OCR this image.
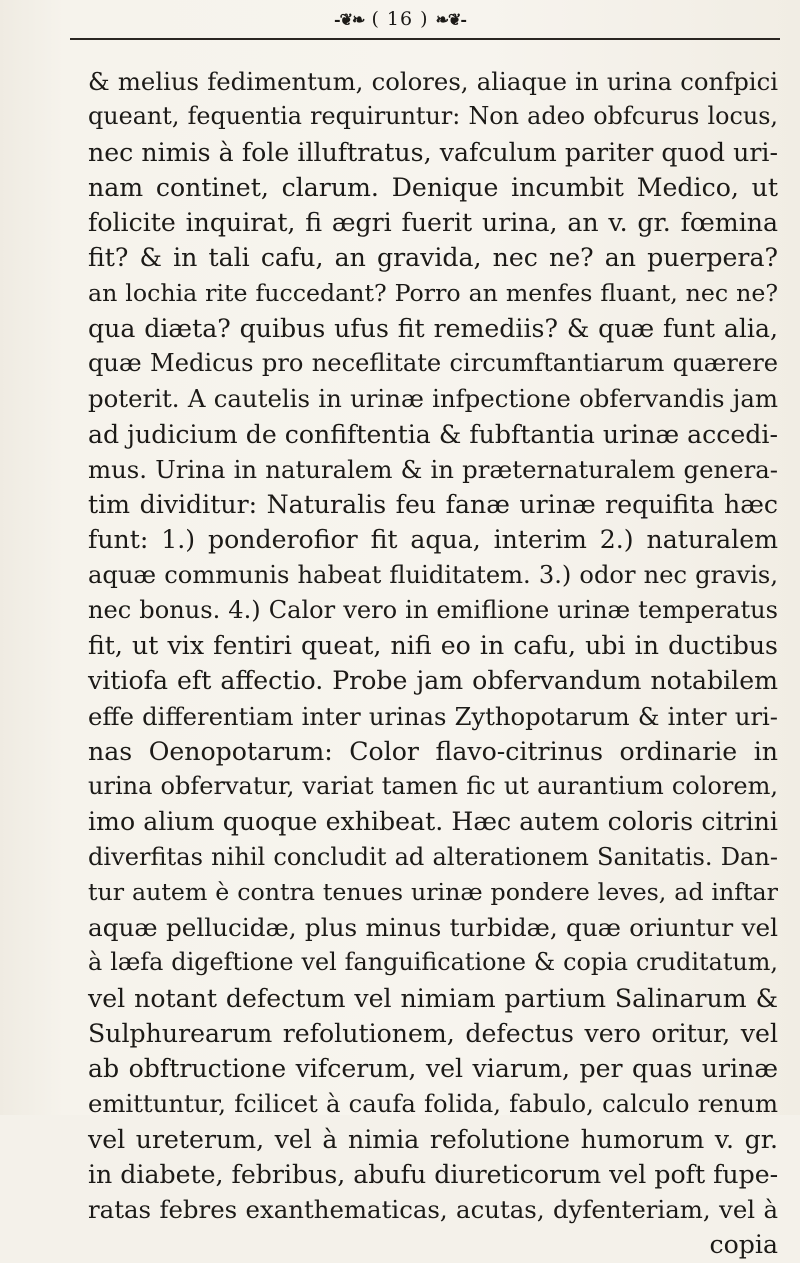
-❦❧ ( 16 ) ❧❦-
& melius fedimentum, colores, aliaque in urina confpici
queant, fequentia requiruntur: Non adeo obfcurus locus,
nec nimis à fole illuftratus, vafculum pariter quod uri-
nam continet, clarum. Denique incumbit Medico, ut
folicite inquirat, fi ægri fuerit urina, an v. gr. fœmina
fit? & in tali cafu, an gravida, nec ne? an puerpera?
an lochia rite fuccedant? Porro an menfes fluant, nec ne?
qua diæta? quibus ufus fit remediis? & quæ funt alia,
quæ Medicus pro neceflitate circumftantiarum quærere
poterit. A cautelis in urinæ infpectione obfervandis jam
ad judicium de confiftentia & fubftantia urinæ accedi-
mus. Urina in naturalem & in præternaturalem genera-
tim dividitur: Naturalis feu fanæ urinæ requifita hæc
funt: 1.) ponderofior fit aqua, interim 2.) naturalem
aquæ communis habeat fluiditatem. 3.) odor nec gravis,
nec bonus. 4.) Calor vero in emiflione urinæ temperatus
fit, ut vix fentiri queat, nifi eo in cafu, ubi in ductibus
vitiofa eft affectio. Probe jam obfervandum notabilem
effe differentiam inter urinas Zythopotarum & inter uri-
nas Oenopotarum: Color flavo-citrinus ordinarie in
urina obfervatur, variat tamen fic ut aurantium colorem,
imo alium quoque exhibeat. Hæc autem coloris citrini
diverfitas nihil concludit ad alterationem Sanitatis. Dan-
tur autem è contra tenues urinæ pondere leves, ad inftar
aquæ pellucidæ, plus minus turbidæ, quæ oriuntur vel
à læfa digeftione vel fanguificatione & copia cruditatum,
vel notant defectum vel nimiam partium Salinarum &
Sulphurearum refolutionem, defectus vero oritur, vel
ab obftructione vifcerum, vel viarum, per quas urinæ
emittuntur, fcilicet à caufa folida, fabulo, calculo renum
vel ureterum, vel à nimia refolutione humorum v. gr.
in diabete, febribus, abufu diureticorum vel poft fupe-
ratas febres exanthematicas, acutas, dyfenteriam, vel à
copia
